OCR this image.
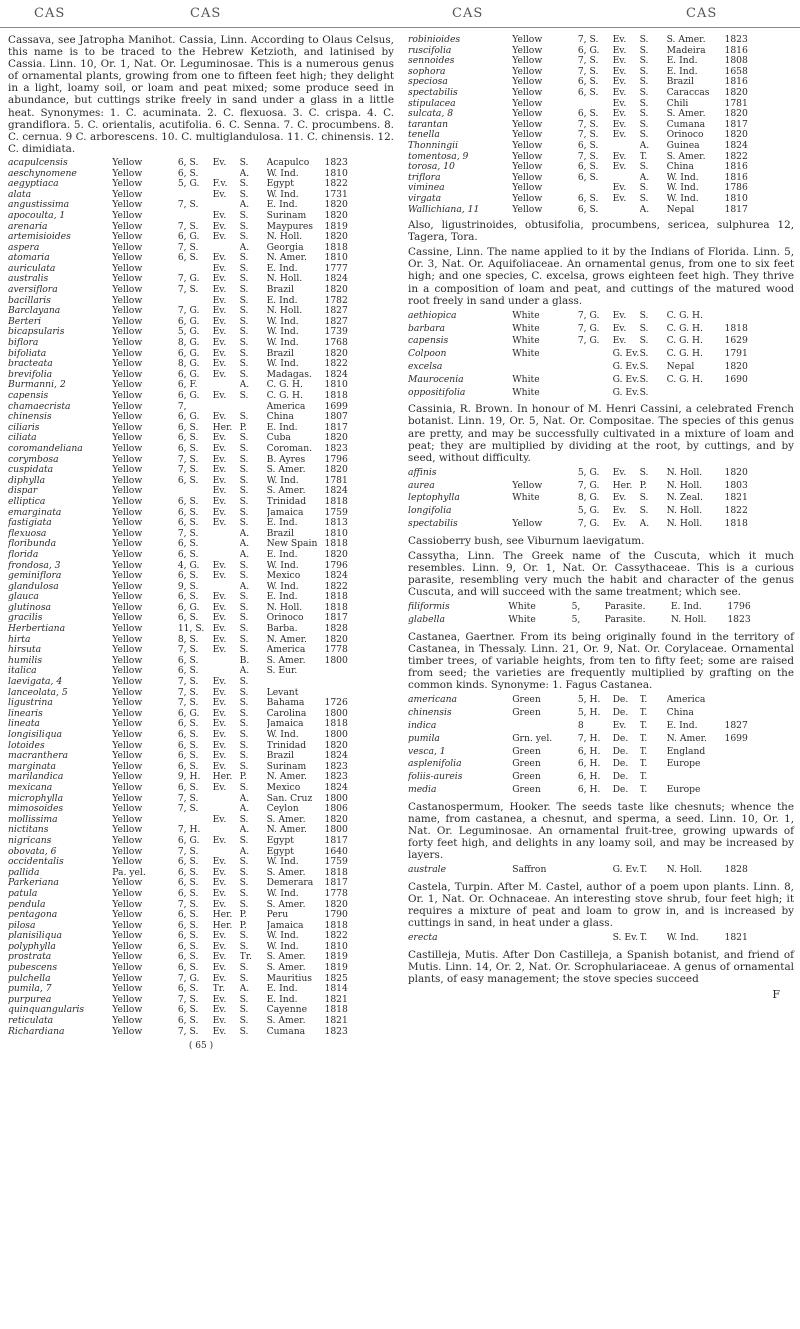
CAS	CAS	CAS	CAS

Cassava, see Jatropha Manihot. Cassia, Linn. According to Olaus Celsus, this name is to be traced to the Hebrew Ketzioth, and latinised by Cassia. Linn. 10, Or. 1, Nat. Or. Leguminosae. This is a numerous genus of ornamental plants, growing from one to fifteen feet high; they delight in a light, loamy soil, or loam and peat mixed; some produce seed in abundance, but cuttings strike freely in sand under a glass in a little heat. Synonymes: 1. C. acuminata. 2. C. flexuosa. 3. C. crispa. 4. C. grandiflora. 5. C. orientalis, acutifolia. 6. C. Senna. 7. C. procumbens. 8. C. cernua. 9 C. arborescens. 10. C. multiglandulosa. 11. C. chinensis. 12. C. dimidiata.

acapulcensis	Yellow	6, S.	Ev.	S.	Acapulco	1823
aeschynomene	Yellow	6, S.		A.	W. Ind.	1810
aegyptiaca	Yellow	5, G.	F.v.	S.	Egypt	1822
alata	Yellow		Ev.	S.	W. Ind.	1731
angustissima	Yellow	7, S.		A.	E. Ind.	1820
apocoulta, 1	Yellow		Ev.	S.	Surinam	1820
arenaria	Yellow	7, S.	Ev.	S.	Maypures	1819
artemisioides	Yellow	6, G.	Ev.	S.	N. Holl.	1820
aspera	Yellow	7, S.		A.	Georgia	1818
atomaria	Yellow	6, S.	Ev.	S.	N. Amer.	1810
auriculata	Yellow		Ev.	S.	E. Ind.	1777
australis	Yellow	7, G.	Ev.	S.	N. Holl.	1824
aversiflora	Yellow	7, S.	Ev.	S.	Brazil	1820
bacillaris	Yellow		Ev.	S.	E. Ind.	1782
Barclayana	Yellow	7, G.	Ev.	S.	N. Holl.	1827
Berteri	Yellow	6, G.	Ev.	S.	W. Ind.	1827
bicapsularis	Yellow	5, G.	Ev.	S.	W. Ind.	1739
biflora	Yellow	8, G.	Ev.	S.	W. Ind.	1768
bifoliata	Yellow	6, G.	Ev.	S.	Brazil	1820
bracteata	Yellow	8, G.	Ev.	S.	W. Ind.	1822
brevifolia	Yellow	6, G.	Ev.	S.	Madagas.	1824
Burmanni, 2	Yellow	6, F.		A.	C. G. H.	1810
capensis	Yellow	6, G.	Ev.	S.	C. G. H.	1818
chamaecrista	Yellow	7,			America	1699
chinensis	Yellow	6, G.	Ev.	S.	China	1807
ciliaris	Yellow	6, S.	Her.	P.	E. Ind.	1817
ciliata	Yellow	6, S.	Ev.	S.	Cuba	1820
coromandeliana	Yellow	6, S.	Ev.	S.	Coroman.	1823
corymbosa	Yellow	7, S.	Ev.	S.	B. Ayres	1796
cuspidata	Yellow	7, S.	Ev.	S.	S. Amer.	1820
diphylla	Yellow	6, S.	Ev.	S.	W. Ind.	1781
dispar	Yellow		Ev.	S.	S. Amer.	1824
elliptica	Yellow	6, S.	Ev.	S.	Trinidad	1818
emarginata	Yellow	6, S.	Ev.	S.	Jamaica	1759
fastigiata	Yellow	6, S.	Ev.	S.	E. Ind.	1813
flexuosa	Yellow	7, S.		A.	Brazil	1810
floribunda	Yellow	6, S.		A.	New Spain	1818
florida	Yellow	6, S.		A.	E. Ind.	1820
frondosa, 3	Yellow	4, G.	Ev.	S.	W. Ind.	1796
geminiflora	Yellow	6, S.	Ev.	S.	Mexico	1824
glandulosa	Yellow	9, S.		A.	W. Ind.	1822
glauca	Yellow	6, S.	Ev.	S.	E. Ind.	1818
glutinosa	Yellow	6, G.	Ev.	S.	N. Holl.	1818
gracilis	Yellow	6, S.	Ev.	S.	Orinoco	1817
Herbertiana	Yellow	11, S.	Ev.	S.	Barba.	1828
hirta	Yellow	8, S.	Ev.	S.	N. Amer.	1820
hirsuta	Yellow	7, S.	Ev.	S.	America	1778
humilis	Yellow	6, S.		B.	S. Amer.	1800
italica	Yellow	6, S.		A.	S. Eur.	
laevigata, 4	Yellow	7, S.	Ev.	S.		
lanceolata, 5	Yellow	7, S.	Ev.	S.	Levant	
ligustrina	Yellow	7, S.	Ev.	S.	Bahama	1726
linearis	Yellow	6, G.	Ev.	S.	Carolina	1800
lineata	Yellow	6, S.	Ev.	S.	Jamaica	1818
longisiliqua	Yellow	6, S.	Ev.	S.	W. Ind.	1800
lotoides	Yellow	6, S.	Ev.	S.	Trinidad	1820
macranthera	Yellow	6, S.	Ev.	S.	Brazil	1824
marginata	Yellow	6, S.	Ev.	S.	Surinam	1823
marilandica	Yellow	9, H.	Her.	P.	N. Amer.	1823
mexicana	Yellow	6, S.	Ev.	S.	Mexico	1824
microphylla	Yellow	7, S.		A.	San. Cruz	1800
mimosoides	Yellow	7, S.		A.	Ceylon	1806
mollissima	Yellow		Ev.	S.	S. Amer.	1820
nictitans	Yellow	7, H.		A.	N. Amer.	1800
nigricans	Yellow	6, G.	Ev.	S.	Egypt	1817
obovata, 6	Yellow	7, S.		A.	Egypt	1640
occidentalis	Yellow	6, S.	Ev.	S.	W. Ind.	1759
pallida	Pa. yel.	6, S.	Ev.	S.	S. Amer.	1818
Parkeriana	Yellow	6, S.	Ev.	S.	Demerara	1817
patula	Yellow	6, S.	Ev.	S.	W. Ind.	1778
pendula	Yellow	7, S.	Ev.	S.	S. Amer.	1820
pentagona	Yellow	6, S.	Her.	P.	Peru	1790
pilosa	Yellow	6, S.	Her.	P.	Jamaica	1818
planisiliqua	Yellow	6, S.	Ev.	S.	W. Ind.	1822
polyphylla	Yellow	6, S.	Ev.	S.	W. Ind.	1810
prostrata	Yellow	6, S.	Ev.	Tr.	S. Amer.	1819
pubescens	Yellow	6, S.	Ev.	S.	S. Amer.	1819
pulchella	Yellow	7, G.	Ev.	S.	Mauritius	1825
pumila, 7	Yellow	6, S.	Tr.	A.	E. Ind.	1814
purpurea	Yellow	7, S.	Ev.	S.	E. Ind.	1821
quinquangularis	Yellow	6, S.	Ev.	S.	Cayenne	1818
reticulata	Yellow	6, S.	Ev.	S.	S. Amer.	1821
Richardiana	Yellow	7, S.	Ev.	S.	Cumana	1823
( 65 )
robinioides	Yellow	7, S.	Ev.	S.	S. Amer.	1823
ruscifolia	Yellow	6, G.	Ev.	S.	Madeira	1816
sennoides	Yellow	7, S.	Ev.	S.	E. Ind.	1808
sophora	Yellow	7, S.	Ev.	S.	E. Ind.	1658
speciosa	Yellow	6, S.	Ev.	S.	Brazil	1816
spectabilis	Yellow	6, S.	Ev.	S.	Caraccas	1820
stipulacea	Yellow		Ev.	S.	Chili	1781
sulcata, 8	Yellow	6, S.	Ev.	S.	S. Amer.	1820
tarantan	Yellow	7, S.	Ev.	S.	Cumana	1817
tenella	Yellow	7, S.	Ev.	S.	Orinoco	1820
Thonningii	Yellow	6, S.		A.	Guinea	1824
tomentosa, 9	Yellow	7, S.	Ev.	T.	S. Amer.	1822
torosa, 10	Yellow	6, S.	Ev.	S.	China	1816
triflora	Yellow	6, S.		A.	W. Ind.	1816
viminea	Yellow		Ev.	S.	W. Ind.	1786
virgata	Yellow	6, S.	Ev.	S.	W. Ind.	1810
Wallichiana, 11	Yellow	6, S.		A.	Nepal	1817

Also, ligustrinoides, obtusifolia, procumbens, sericea, sulphurea 12, Tagera, Tora.

Cassine, Linn. The name applied to it by the Indians of Florida. Linn. 5, Or. 3, Nat. Or. Aquifoliaceae. An ornamental genus, from one to six feet high; and one species, C. excelsa, grows eighteen feet high. They thrive in a composition of loam and peat, and cuttings of the matured wood root freely in sand under a glass.

aethiopica	White	7, G.	Ev.	S.	C. G. H.	
barbara	White	7, G.	Ev.	S.	C. G. H.	1818
capensis	White	7, G.	Ev.	S.	C. G. H.	1629
Colpoon	White		G. Ev.	S.	C. G. H.	1791
excelsa			G. Ev.	S.	Nepal	1820
Maurocenia	White		G. Ev.	S.	C. G. H.	1690
oppositifolia	White		G. Ev.	S.		

Cassinia, R. Brown. In honour of M. Henri Cassini, a celebrated French botanist. Linn. 19, Or. 5, Nat. Or. Compositae. The species of this genus are pretty, and may be successfully cultivated in a mixture of loam and peat; they are multiplied by dividing at the root, by cuttings, and by seed, without difficulty.

affinis		5, G.	Ev.	S.	N. Holl.	1820
aurea	Yellow	7, G.	Her.	P.	N. Holl.	1803
leptophylla	White	8, G.	Ev.	S.	N. Zeal.	1821
longifolia		5, G.	Ev.	S.	N. Holl.	1822
spectabilis	Yellow	7, G.	Ev.	A.	N. Holl.	1818

Cassioberry bush, see Viburnum laevigatum.

Cassytha, Linn. The Greek name of the Cuscuta, which it much resembles. Linn. 9, Or. 1, Nat. Or. Cassythaceae. This is a curious parasite, resembling very much the habit and character of the genus Cuscuta, and will succeed with the same treatment; which see.

filiformis	White	5,	Parasite.		E. Ind.	1796
glabella	White	5,	Parasite.		N. Holl.	1823

Castanea, Gaertner. From its being originally found in the territory of Castanea, in Thessaly. Linn. 21, Or. 9, Nat. Or. Corylaceae. Ornamental timber trees, of variable heights, from ten to fifty feet; some are raised from seed; the varieties are frequently multiplied by grafting on the common kinds. Synonyme: 1. Fagus Castanea.

americana	Green	5, H.	De.	T.	America	
chinensis	Green	5, H.	De.	T.	China	
indica		8	Ev.	T.	E. Ind.	1827
pumila	Grn. yel.	7, H.	De.	T.	N. Amer.	1699
vesca, 1	Green	6, H.	De.	T.	England	
asplenifolia	Green	6, H.	De.	T.	Europe	
foliis-aureis	Green	6, H.	De.	T.		
media	Green	6, H.	De.	T.	Europe	

Castanospermum, Hooker. The seeds taste like chesnuts; whence the name, from castanea, a chesnut, and sperma, a seed. Linn. 10, Or. 1, Nat. Or. Leguminosae. An ornamental fruit-tree, growing upwards of forty feet high, and delights in any loamy soil, and may be increased by layers.

australe	Saffron		G. Ev.	T.	N. Holl.	1828

Castela, Turpin. After M. Castel, author of a poem upon plants. Linn. 8, Or. 1, Nat. Or. Ochnaceae. An interesting stove shrub, four feet high; it requires a mixture of peat and loam to grow in, and is increased by cuttings in sand, in heat under a glass.

erecta			S. Ev.	T.	W. Ind.	1821

Castilleja, Mutis. After Don Castilleja, a Spanish botanist, and friend of Mutis. Linn. 14, Or. 2, Nat. Or. Scrophulariaceae. A genus of ornamental plants, of easy management; the stove species succeed

F
